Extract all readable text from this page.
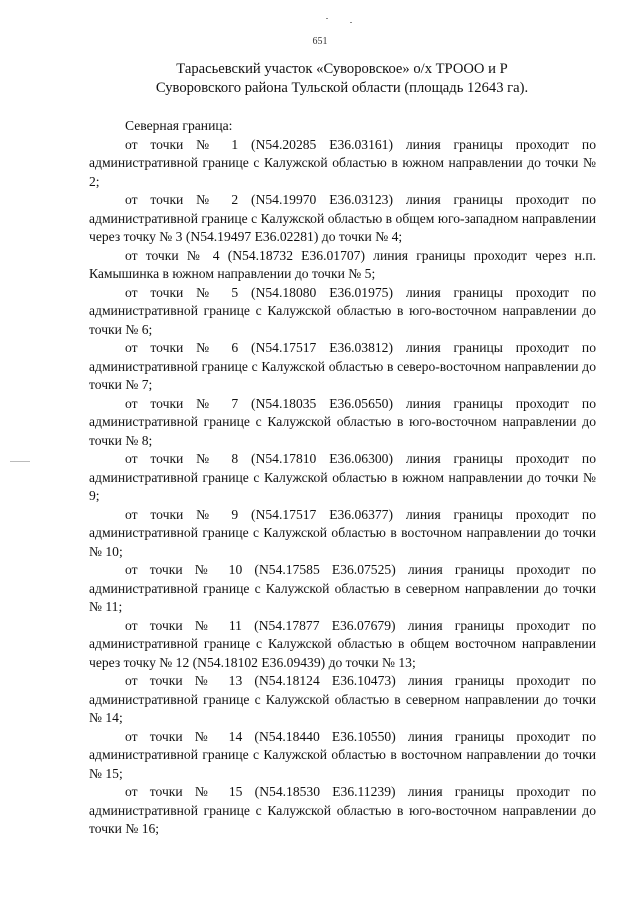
651
Тарасьевский участок «Суворовское» о/х ТРООО и Р
Суворовского района Тульской области (площадь 12643 га).

Северная граница:

от точки № 1 (N54.20285 E36.03161) линия границы проходит по административной границе с Калужской областью в южном направлении до точки № 2;

от точки № 2 (N54.19970 E36.03123) линия границы проходит по административной границе с Калужской областью в общем юго-западном направлении через точку № 3 (N54.19497 E36.02281) до точки № 4;

от точки № 4 (N54.18732 E36.01707) линия границы проходит через н.п. Камышинка в южном направлении до точки № 5;

от точки № 5 (N54.18080 E36.01975) линия границы проходит по административной границе с Калужской областью в юго-восточном направлении до точки № 6;

от точки № 6 (N54.17517 E36.03812) линия границы проходит по административной границе с Калужской областью в северо-восточном направлении до точки № 7;

от точки № 7 (N54.18035 E36.05650) линия границы проходит по административной границе с Калужской областью в юго-восточном направлении до точки № 8;

от точки № 8 (N54.17810 E36.06300) линия границы проходит по административной границе с Калужской областью в южном направлении до точки № 9;

от точки № 9 (N54.17517 E36.06377) линия границы проходит по административной границе с Калужской областью в восточном направлении до точки № 10;

от точки № 10 (N54.17585 E36.07525) линия границы проходит по административной границе с Калужской областью в северном направлении до точки № 11;

от точки № 11 (N54.17877 E36.07679) линия границы проходит по административной границе с Калужской областью в общем восточном направлении через точку № 12 (N54.18102 E36.09439) до точки № 13;

от точки № 13 (N54.18124 E36.10473) линия границы проходит по административной границе с Калужской областью в северном направлении до точки № 14;

от точки № 14 (N54.18440 E36.10550) линия границы проходит по административной границе с Калужской областью в восточном направлении до точки № 15;

от точки № 15 (N54.18530 E36.11239) линия границы проходит по административной границе с Калужской областью в юго-восточном направлении до точки № 16;
